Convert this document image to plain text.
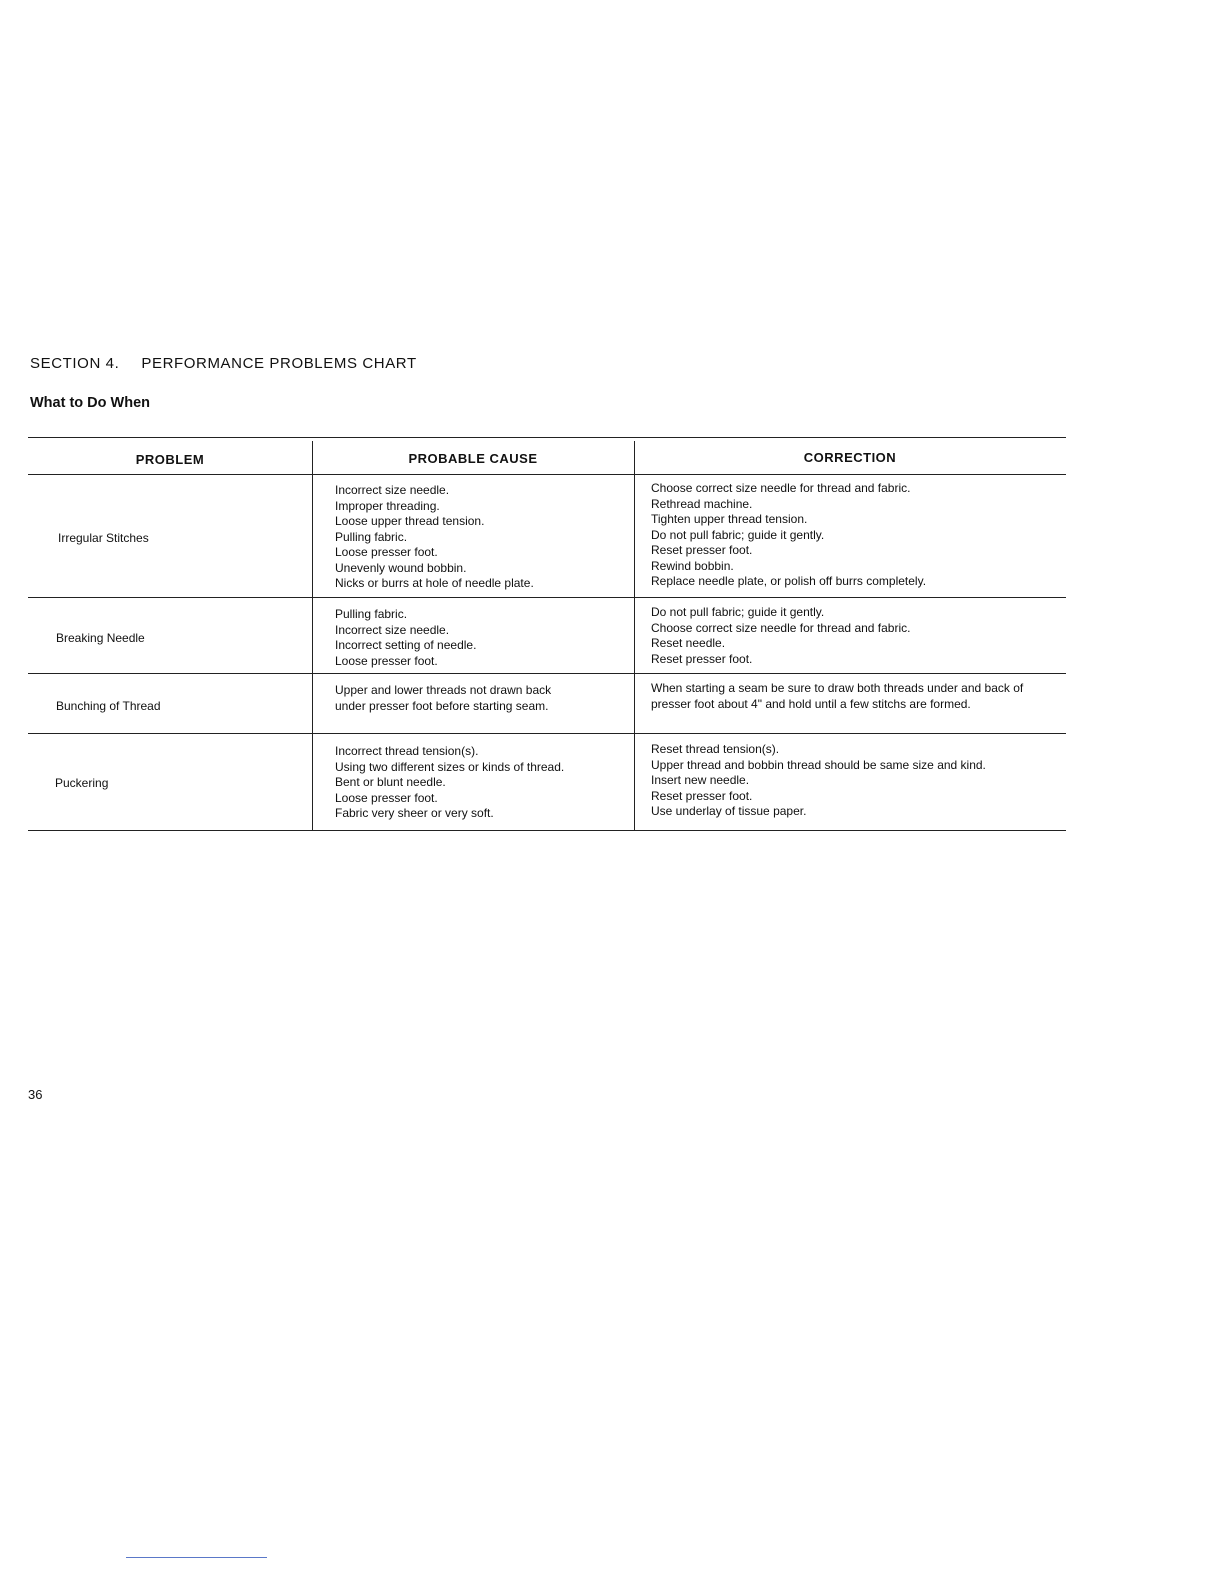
SECTION 4. PERFORMANCE PROBLEMS CHART
What to Do When
PROBLEM	PROBABLE CAUSE	CORRECTION
Irregular Stitches
Incorrect size needle.
Improper threading.
Loose upper thread tension.
Pulling fabric.
Loose presser foot.
Unevenly wound bobbin.
Nicks or burrs at hole of needle plate.
Choose correct size needle for thread and fabric.
Rethread machine.
Tighten upper thread tension.
Do not pull fabric; guide it gently.
Reset presser foot.
Rewind bobbin.
Replace needle plate, or polish off burrs completely.
Breaking Needle
Pulling fabric.
Incorrect size needle.
Incorrect setting of needle.
Loose presser foot.
Do not pull fabric; guide it gently.
Choose correct size needle for thread and fabric.
Reset needle.
Reset presser foot.
Bunching of Thread
Upper and lower threads not drawn back
under presser foot before starting seam.
When starting a seam be sure to draw both threads under and back of presser foot about 4" and hold until a few stitchs are formed.
Puckering
Incorrect thread tension(s).
Using two different sizes or kinds of thread.
Bent or blunt needle.
Loose presser foot.
Fabric very sheer or very soft.
Reset thread tension(s).
Upper thread and bobbin thread should be same size and kind.
Insert new needle.
Reset presser foot.
Use underlay of tissue paper.
36
